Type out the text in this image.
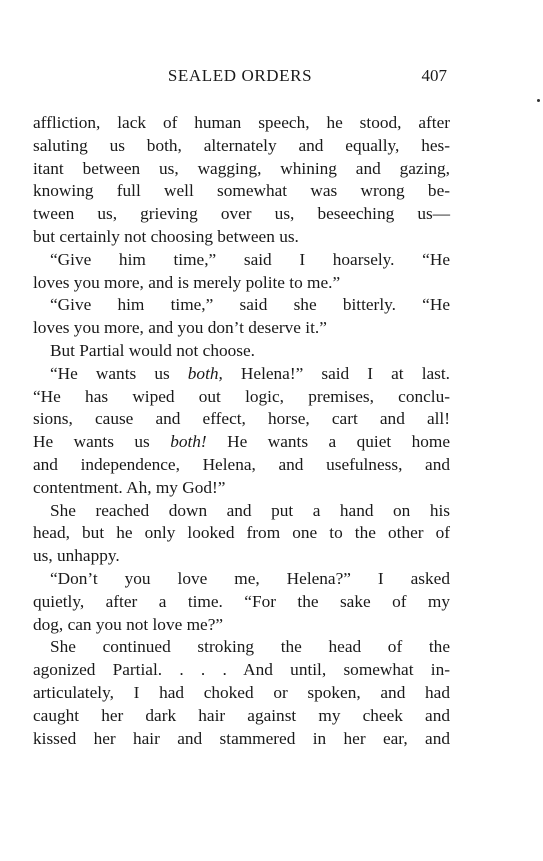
SEALED ORDERS	407
affliction, lack of human speech, he stood, after
saluting us both, alternately and equally, hes-
itant between us, wagging, whining and gazing,
knowing full well somewhat was wrong be-
tween us, grieving over us, beseeching us—
but certainly not choosing between us.
“Give him time,” said I hoarsely. “He
loves you more, and is merely polite to me.”
“Give him time,” said she bitterly. “He
loves you more, and you don’t deserve it.”
But Partial would not choose.
“He wants us both, Helena!” said I at last.
“He has wiped out logic, premises, conclu-
sions, cause and effect, horse, cart and all!
He wants us both! He wants a quiet home
and independence, Helena, and usefulness, and
contentment. Ah, my God!”
She reached down and put a hand on his
head, but he only looked from one to the other of
us, unhappy.
“Don’t you love me, Helena?” I asked
quietly, after a time. “For the sake of my
dog, can you not love me?”
She continued stroking the head of the
agonized Partial. . . . And until, somewhat in-
articulately, I had choked or spoken, and had
caught her dark hair against my cheek and
kissed her hair and stammered in her ear, and
